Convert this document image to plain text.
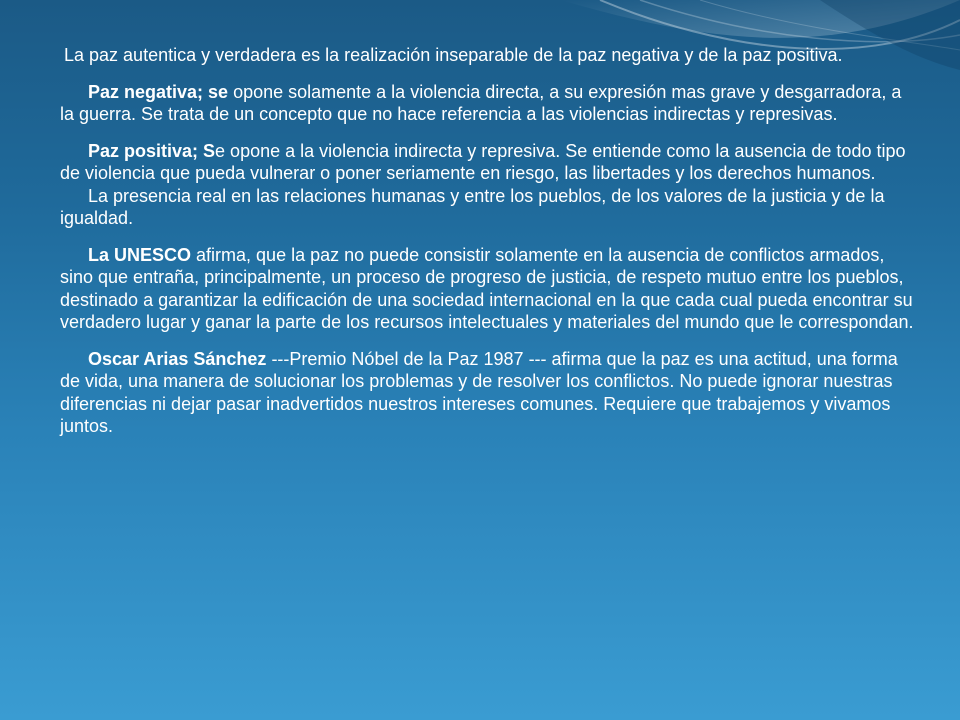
La paz autentica y verdadera es la realización inseparable de la paz negativa y de la paz positiva.

Paz negativa; se opone solamente a la violencia directa, a su expresión mas grave y desgarradora, a la guerra. Se trata de un concepto que no hace referencia a las violencias indirectas y represivas.

Paz positiva; Se opone a la violencia indirecta y represiva. Se entiende como la ausencia de todo tipo de violencia que pueda vulnerar o poner seriamente en riesgo, las libertades y los derechos humanos.

La presencia real en las relaciones humanas y entre los pueblos, de los valores de la justicia y de la igualdad.

La UNESCO afirma, que la paz no puede consistir solamente en la ausencia de conflictos armados, sino que entraña, principalmente, un proceso de progreso de justicia, de respeto mutuo entre los pueblos, destinado a garantizar la edificación de una sociedad internacional en la que cada cual pueda encontrar su verdadero lugar y ganar la parte de los recursos intelectuales y materiales del mundo que le correspondan.

Oscar Arias Sánchez ---Premio Nóbel de la Paz 1987 --- afirma que la paz es una actitud, una forma de vida, una manera de solucionar los problemas y de resolver los conflictos. No puede ignorar nuestras diferencias ni dejar pasar inadvertidos nuestros intereses comunes. Requiere que trabajemos y vivamos juntos.
